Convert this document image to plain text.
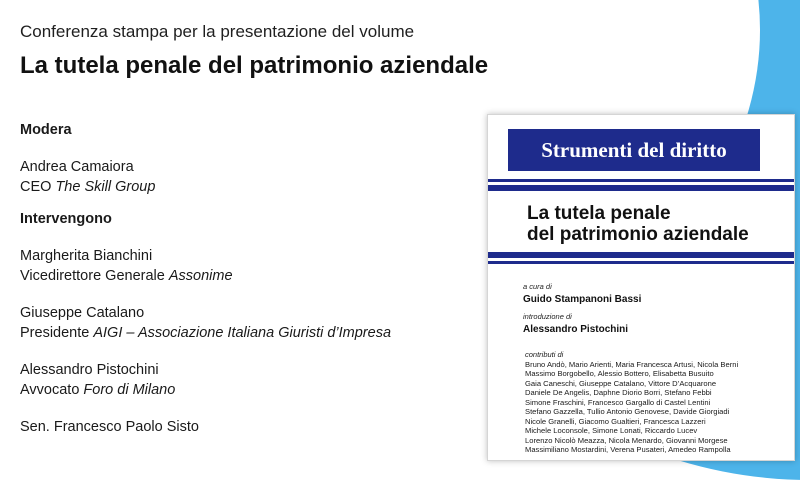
Conferenza stampa per la presentazione del volume
La tutela penale del patrimonio aziendale

Modera

Andrea Camaiora
CEO The Skill Group

Intervengono

Margherita Bianchini
Vicedirettore Generale Assonime
Giuseppe Catalano
Presidente AIGI – Associazione Italiana Giuristi d’Impresa
Alessandro Pistochini
Avvocato Foro di Milano
Sen. Francesco Paolo Sisto
Strumenti del diritto
La tutela penale
del patrimonio aziendale
a cura di
Guido Stampanoni Bassi
introduzione di
Alessandro Pistochini
contributi di
Bruno Andò, Mario Arienti, Maria Francesca Artusi, Nicola Berni
Massimo Borgobello, Alessio Bottero, Elisabetta Busuito
Gaia Caneschi, Giuseppe Catalano, Vittore D’Acquarone
Daniele De Angelis, Daphne Diorio Borri, Stefano Febbi
Simone Fraschini, Francesco Gargallo di Castel Lentini
Stefano Gazzella, Tullio Antonio Genovese, Davide Giorgiadi
Nicole Granelli, Giacomo Gualtieri, Francesca Lazzeri
Michele Loconsole, Simone Lonati, Riccardo Lucev
Lorenzo Nicolò Meazza, Nicola Menardo, Giovanni Morgese
Massimiliano Mostardini, Verena Pusateri, Amedeo Rampolla
